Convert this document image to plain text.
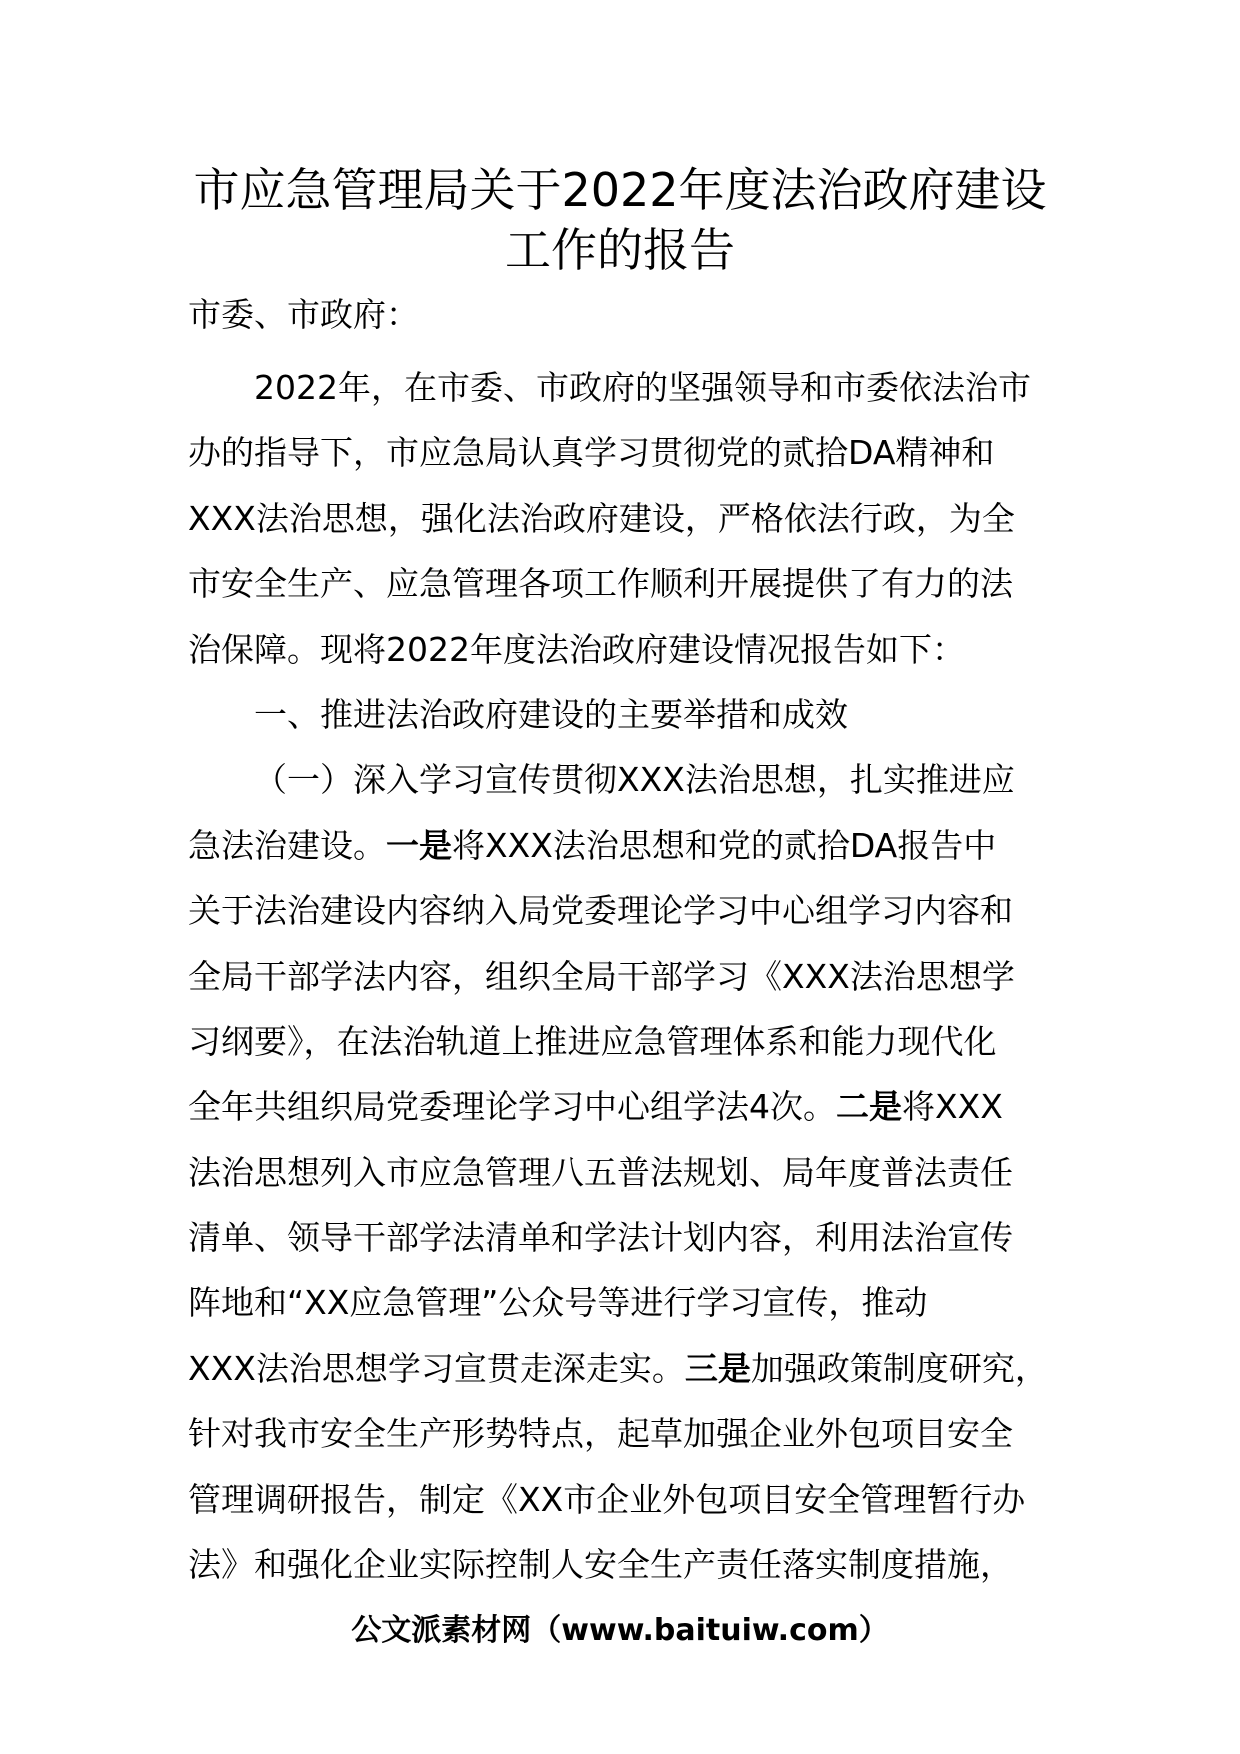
市应急管理局关于2022年度法治政府建设
工作的报告
市委、市政府：
2022年，在市委、市政府的坚强领导和市委依法治市
办的指导下，市应急局认真学习贯彻党的贰拾DA精神和
XXX法治思想，强化法治政府建设，严格依法行政，为全
市安全生产、应急管理各项工作顺利开展提供了有力的法
治保障。现将2022年度法治政府建设情况报告如下：
一、推进法治政府建设的主要举措和成效
（一）深入学习宣传贯彻XXX法治思想，扎实推进应
急法治建设。一是将XXX法治思想和党的贰拾DA报告中
关于法治建设内容纳入局党委理论学习中心组学习内容和
全局干部学法内容，组织全局干部学习《XXX法治思想学
习纲要》，在法治轨道上推进应急管理体系和能力现代化
全年共组织局党委理论学习中心组学法4次。二是将XXX
法治思想列入市应急管理八五普法规划、局年度普法责任
清单、领导干部学法清单和学法计划内容，利用法治宣传
阵地和“XX应急管理”公众号等进行学习宣传，推动
XXX法治思想学习宣贯走深走实。三是加强政策制度研究，
针对我市安全生产形势特点，起草加强企业外包项目安全
管理调研报告，制定《XX市企业外包项目安全管理暂行办
法》和强化企业实际控制人安全生产责任落实制度措施，
公文派素材网（www.baituiw.com）
